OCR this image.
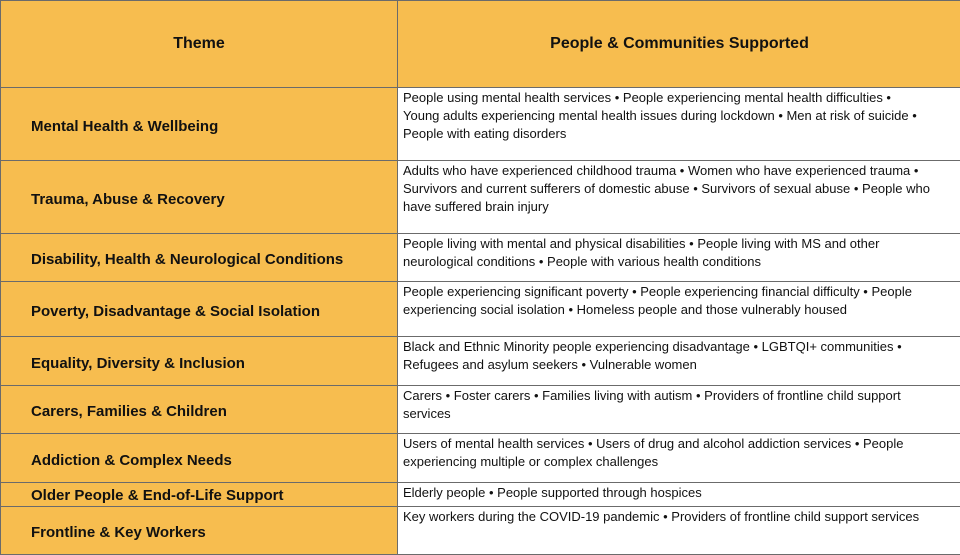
Theme	People & Communities Supported
Mental Health & Wellbeing	People using mental health services • People experiencing mental health difficulties •
Young adults experiencing mental health issues during lockdown • Men at risk of suicide •
People with eating disorders

Trauma, Abuse & Recovery	Adults who have experienced childhood trauma • Women who have experienced trauma •
Survivors and current sufferers of domestic abuse • Survivors of sexual abuse • People who
have suffered brain injury

Disability, Health & Neurological Conditions	People living with mental and physical disabilities • People living with MS and other
neurological conditions • People with various health conditions

Poverty, Disadvantage & Social Isolation	People experiencing significant poverty • People experiencing financial difficulty • People
experiencing social isolation • Homeless people and those vulnerably housed

Equality, Diversity & Inclusion	Black and Ethnic Minority people experiencing disadvantage • LGBTQI+ communities •
Refugees and asylum seekers • Vulnerable women

Carers, Families & Children	Carers • Foster carers • Families living with autism • Providers of frontline child support
services

Addiction & Complex Needs	Users of mental health services • Users of drug and alcohol addiction services • People
experiencing multiple or complex challenges

Older People & End-of-Life Support	Elderly people • People supported through hospices

Frontline & Key Workers	Key workers during the COVID-19 pandemic • Providers of frontline child support services
